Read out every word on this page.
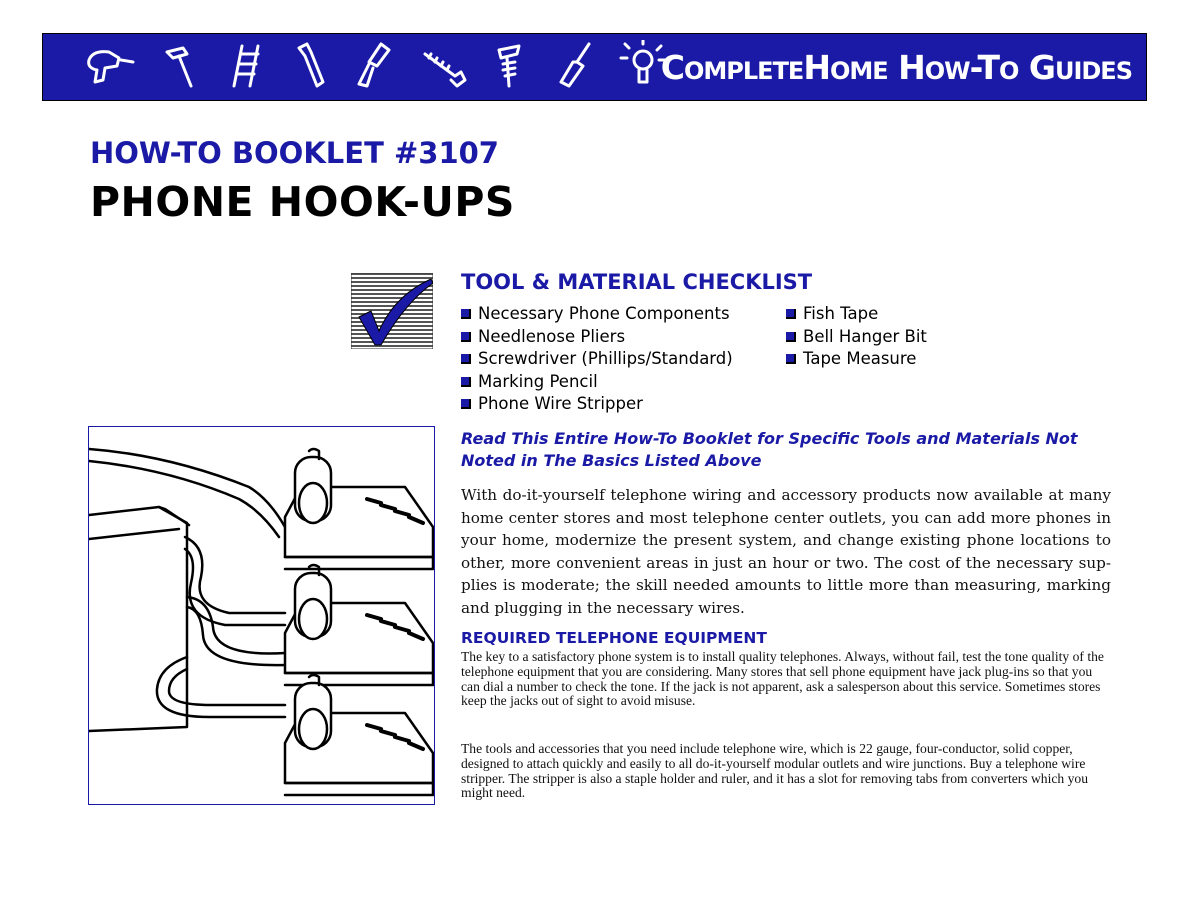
COMPLETEHOME HOW-TO GUIDES
HOW-TO BOOKLET #3107
PHONE HOOK-UPS
TOOL & MATERIAL CHECKLIST
Necessary Phone Components
Needlenose Pliers
Screwdriver (Phillips/Standard)
Marking Pencil
Phone Wire Stripper
Fish Tape
Bell Hanger Bit
Tape Measure

Read This Entire How-To Booklet for Specific Tools and Materials Not Noted in The Basics Listed Above

With do-it-yourself telephone wiring and accessory products now available at many home center stores and most telephone center outlets, you can add more phones in your home, modernize the present system, and change existing phone locations to other, more convenient areas in just an hour or two. The cost of the necessary sup-plies is moderate; the skill needed amounts to little more than measuring, marking and plugging in the necessary wires.

REQUIRED TELEPHONE EQUIPMENT

The key to a satisfactory phone system is to install quality telephones. Always, without fail, test the tone quality of the telephone equipment that you are considering. Many stores that sell phone equipment have jack plug-ins so that you can dial a number to check the tone. If the jack is not apparent, ask a salesperson about this service. Sometimes stores keep the jacks out of sight to avoid misuse.

The tools and accessories that you need include telephone wire, which is 22 gauge, four-conductor, solid copper, designed to attach quickly and easily to all do-it-yourself modular outlets and wire junctions. Buy a telephone wire stripper. The stripper is also a staple holder and ruler, and it has a slot for removing tabs from converters which you might need.
